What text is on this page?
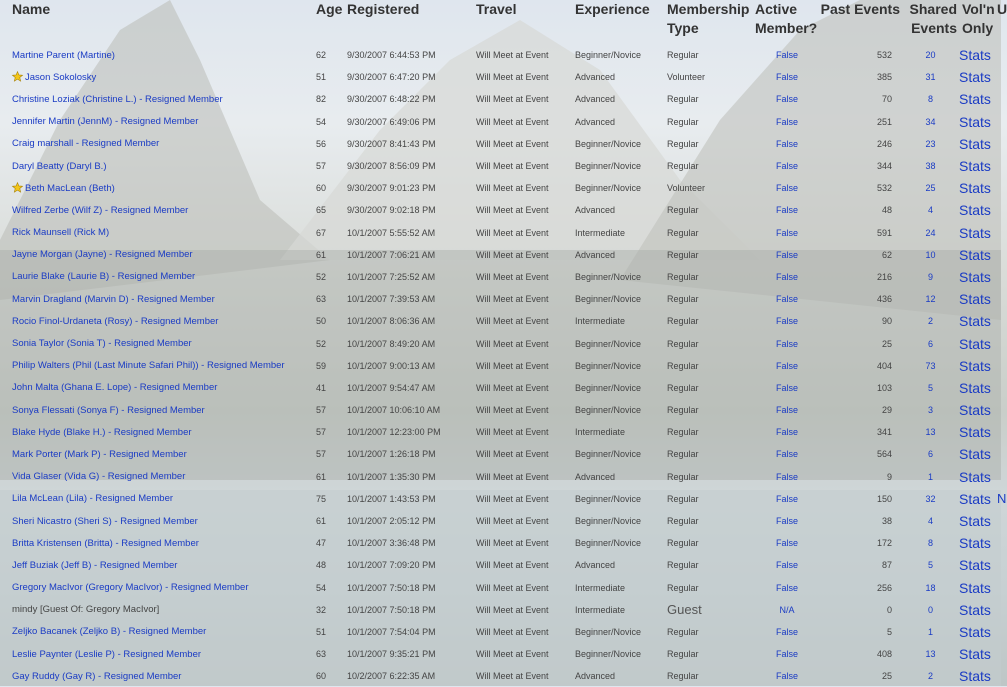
Name	Age	Registered	Travel	Experience	Membership Type	Active Member?	Past Events	Shared Events	Vol'n Only	U
Martine Parent (Martine)	62	9/30/2007 6:44:53 PM	Will Meet at Event	Beginner/Novice	Regular	False	532	20	Stats	
Jason Sokolosky	51	9/30/2007 6:47:20 PM	Will Meet at Event	Advanced	Volunteer	False	385	31	Stats	
Christine Loziak (Christine L.) - Resigned Member	82	9/30/2007 6:48:22 PM	Will Meet at Event	Advanced	Regular	False	70	8	Stats	
Jennifer Martin (JennM) - Resigned Member	54	9/30/2007 6:49:06 PM	Will Meet at Event	Advanced	Regular	False	251	34	Stats	
Craig marshall - Resigned Member	56	9/30/2007 8:41:43 PM	Will Meet at Event	Beginner/Novice	Regular	False	246	23	Stats	
Daryl Beatty (Daryl B.)	57	9/30/2007 8:56:09 PM	Will Meet at Event	Beginner/Novice	Regular	False	344	38	Stats	
Beth MacLean (Beth)	60	9/30/2007 9:01:23 PM	Will Meet at Event	Beginner/Novice	Volunteer	False	532	25	Stats	
Wilfred Zerbe (Wilf Z) - Resigned Member	65	9/30/2007 9:02:18 PM	Will Meet at Event	Advanced	Regular	False	48	4	Stats	
Rick Maunsell (Rick M)	67	10/1/2007 5:55:52 AM	Will Meet at Event	Intermediate	Regular	False	591	24	Stats	
Jayne Morgan (Jayne) - Resigned Member	61	10/1/2007 7:06:21 AM	Will Meet at Event	Advanced	Regular	False	62	10	Stats	
Laurie Blake (Laurie B) - Resigned Member	52	10/1/2007 7:25:52 AM	Will Meet at Event	Beginner/Novice	Regular	False	216	9	Stats	
Marvin Dragland (Marvin D) - Resigned Member	63	10/1/2007 7:39:53 AM	Will Meet at Event	Beginner/Novice	Regular	False	436	12	Stats	
Rocio Finol-Urdaneta (Rosy) - Resigned Member	50	10/1/2007 8:06:36 AM	Will Meet at Event	Intermediate	Regular	False	90	2	Stats	
Sonia Taylor (Sonia T) - Resigned Member	52	10/1/2007 8:49:20 AM	Will Meet at Event	Beginner/Novice	Regular	False	25	6	Stats	
Philip Walters (Phil (Last Minute Safari Phil)) - Resigned Member	59	10/1/2007 9:00:13 AM	Will Meet at Event	Beginner/Novice	Regular	False	404	73	Stats	
John Malta (Ghana E. Lope) - Resigned Member	41	10/1/2007 9:54:47 AM	Will Meet at Event	Beginner/Novice	Regular	False	103	5	Stats	
Sonya Flessati (Sonya F) - Resigned Member	57	10/1/2007 10:06:10 AM	Will Meet at Event	Beginner/Novice	Regular	False	29	3	Stats	
Blake Hyde (Blake H.) - Resigned Member	57	10/1/2007 12:23:00 PM	Will Meet at Event	Intermediate	Regular	False	341	13	Stats	
Mark Porter (Mark P) - Resigned Member	57	10/1/2007 1:26:18 PM	Will Meet at Event	Beginner/Novice	Regular	False	564	6	Stats	
Vida Glaser (Vida G) - Resigned Member	61	10/1/2007 1:35:30 PM	Will Meet at Event	Advanced	Regular	False	9	1	Stats	
Lila McLean (Lila) - Resigned Member	75	10/1/2007 1:43:53 PM	Will Meet at Event	Beginner/Novice	Regular	False	150	32	Stats	N
Sheri Nicastro (Sheri S) - Resigned Member	61	10/1/2007 2:05:12 PM	Will Meet at Event	Beginner/Novice	Regular	False	38	4	Stats	
Britta Kristensen (Britta) - Resigned Member	47	10/1/2007 3:36:48 PM	Will Meet at Event	Beginner/Novice	Regular	False	172	8	Stats	
Jeff Buziak (Jeff B) - Resigned Member	48	10/1/2007 7:09:20 PM	Will Meet at Event	Advanced	Regular	False	87	5	Stats	
Gregory MacIvor (Gregory MacIvor) - Resigned Member	54	10/1/2007 7:50:18 PM	Will Meet at Event	Intermediate	Regular	False	256	18	Stats	
mindy [Guest Of: Gregory MacIvor]	32	10/1/2007 7:50:18 PM	Will Meet at Event	Intermediate	Guest	N/A	0	0	Stats	
Zeljko Bacanek (Zeljko B) - Resigned Member	51	10/1/2007 7:54:04 PM	Will Meet at Event	Beginner/Novice	Regular	False	5	1	Stats	
Leslie Paynter (Leslie P) - Resigned Member	63	10/1/2007 9:35:21 PM	Will Meet at Event	Beginner/Novice	Regular	False	408	13	Stats	
Gay Ruddy (Gay R) - Resigned Member	60	10/2/2007 6:22:35 AM	Will Meet at Event	Advanced	Regular	False	25	2	Stats	
